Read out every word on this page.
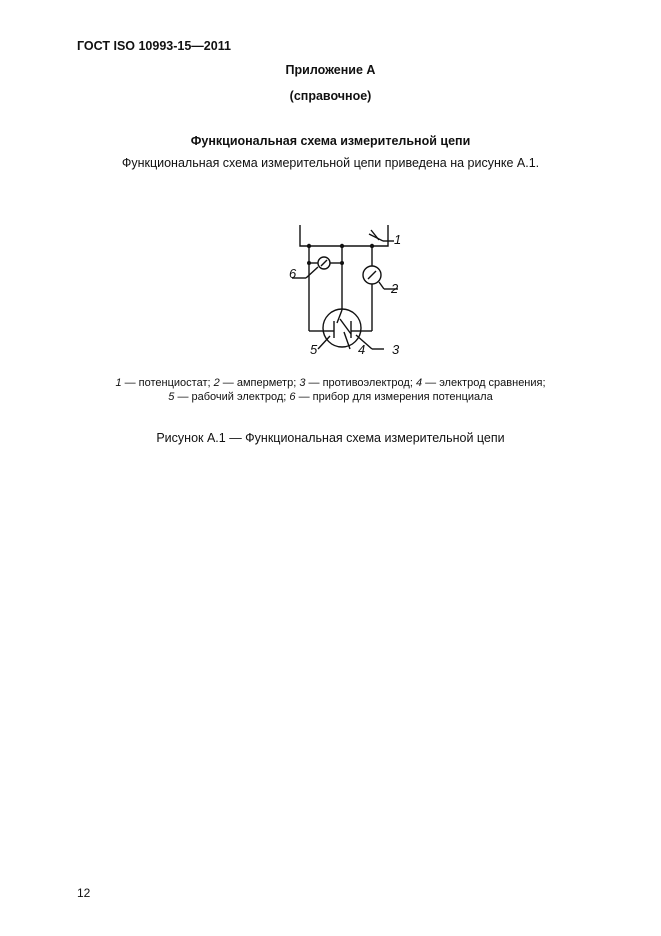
ГОСТ ISO 10993-15—2011
Приложение А
(справочное)
Функциональная схема измерительной цепи
Функциональная схема измерительной цепи приведена на рисунке А.1.
1
2
3
4
5
6
1 — потенциостат; 2 — амперметр; 3 — противоэлектрод; 4 — электрод сравнения;
5 — рабочий электрод; 6 — прибор для измерения потенциала
Рисунок А.1 — Функциональная схема измерительной цепи
12
